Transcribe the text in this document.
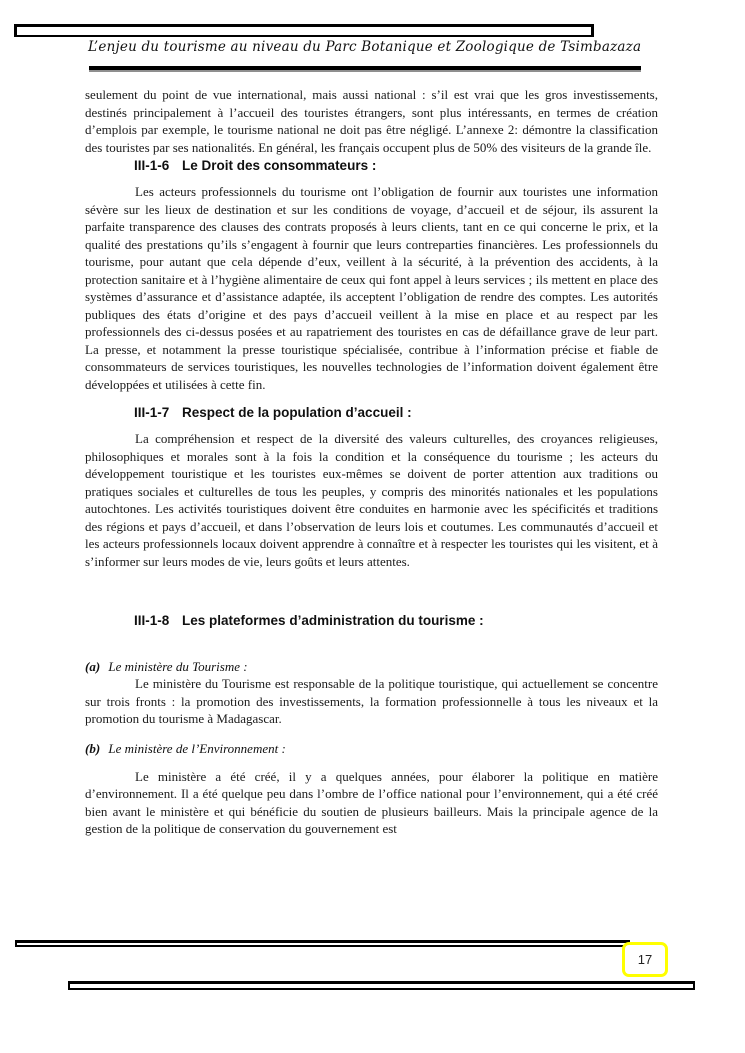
L’enjeu du tourisme au niveau du Parc Botanique et Zoologique de Tsimbazaza

seulement du point de vue international, mais aussi national : s’il est vrai que les gros investissements, destinés principalement à l’accueil des touristes étrangers, sont plus intéressants, en termes de création d’emplois par exemple, le tourisme national ne doit pas être négligé. L’annexe 2: démontre la classification des touristes par ses nationalités. En général, les français occupent plus de 50% des visiteurs de la grande île.

III-1-6 Le Droit des consommateurs :

Les acteurs professionnels du tourisme ont l’obligation de fournir aux touristes une information sévère sur les lieux de destination et sur les conditions de voyage, d’accueil et de séjour, ils assurent la parfaite transparence des clauses des contrats proposés à leurs clients, tant en ce qui concerne le prix, et la qualité des prestations qu’ils s’engagent à fournir que leurs contreparties financières. Les professionnels du tourisme, pour autant que cela dépende d’eux, veillent à la sécurité, à la prévention des accidents, à la protection sanitaire et à l’hygiène alimentaire de ceux qui font appel à leurs services ; ils mettent en place des systèmes d’assurance et d’assistance adaptée, ils acceptent l’obligation de rendre des comptes. Les autorités publiques des états d’origine et des pays d’accueil veillent à la mise en place et au respect par les professionnels des ci-dessus posées et au rapatriement des touristes en cas de défaillance grave de leur part. La presse, et notamment la presse touristique spécialisée, contribue à l’information précise et fiable de consommateurs de services touristiques, les nouvelles technologies de l’information doivent également être développées et utilisées à cette fin.

III-1-7 Respect de la population d’accueil :

La compréhension et respect de la diversité des valeurs culturelles, des croyances religieuses, philosophiques et morales sont à la fois la condition et la conséquence du tourisme ; les acteurs du développement touristique et les touristes eux-mêmes se doivent de porter attention aux traditions ou pratiques sociales et culturelles de tous les peuples, y compris des minorités nationales et les populations autochtones. Les activités touristiques doivent être conduites en harmonie avec les spécificités et traditions des régions et pays d’accueil, et dans l’observation de leurs lois et coutumes. Les communautés d’accueil et les acteurs professionnels locaux doivent apprendre à connaître et à respecter les touristes qui les visitent, et à s’informer sur leurs modes de vie, leurs goûts et leurs attentes.

III-1-8 Les plateformes d’administration du tourisme :

(a) Le ministère du Tourisme :

Le ministère du Tourisme est responsable de la politique touristique, qui actuellement se concentre sur trois fronts : la promotion des investissements, la formation professionnelle à tous les niveaux et la promotion du tourisme à Madagascar.

(b) Le ministère de l’Environnement :

Le ministère a été créé, il y a quelques années, pour élaborer la politique en matière d’environnement. Il a été quelque peu dans l’ombre de l’office national pour l’environnement, qui a été créé bien avant le ministère et qui bénéficie du soutien de plusieurs bailleurs. Mais la principale agence de la gestion de la politique de conservation du gouvernement est

17
